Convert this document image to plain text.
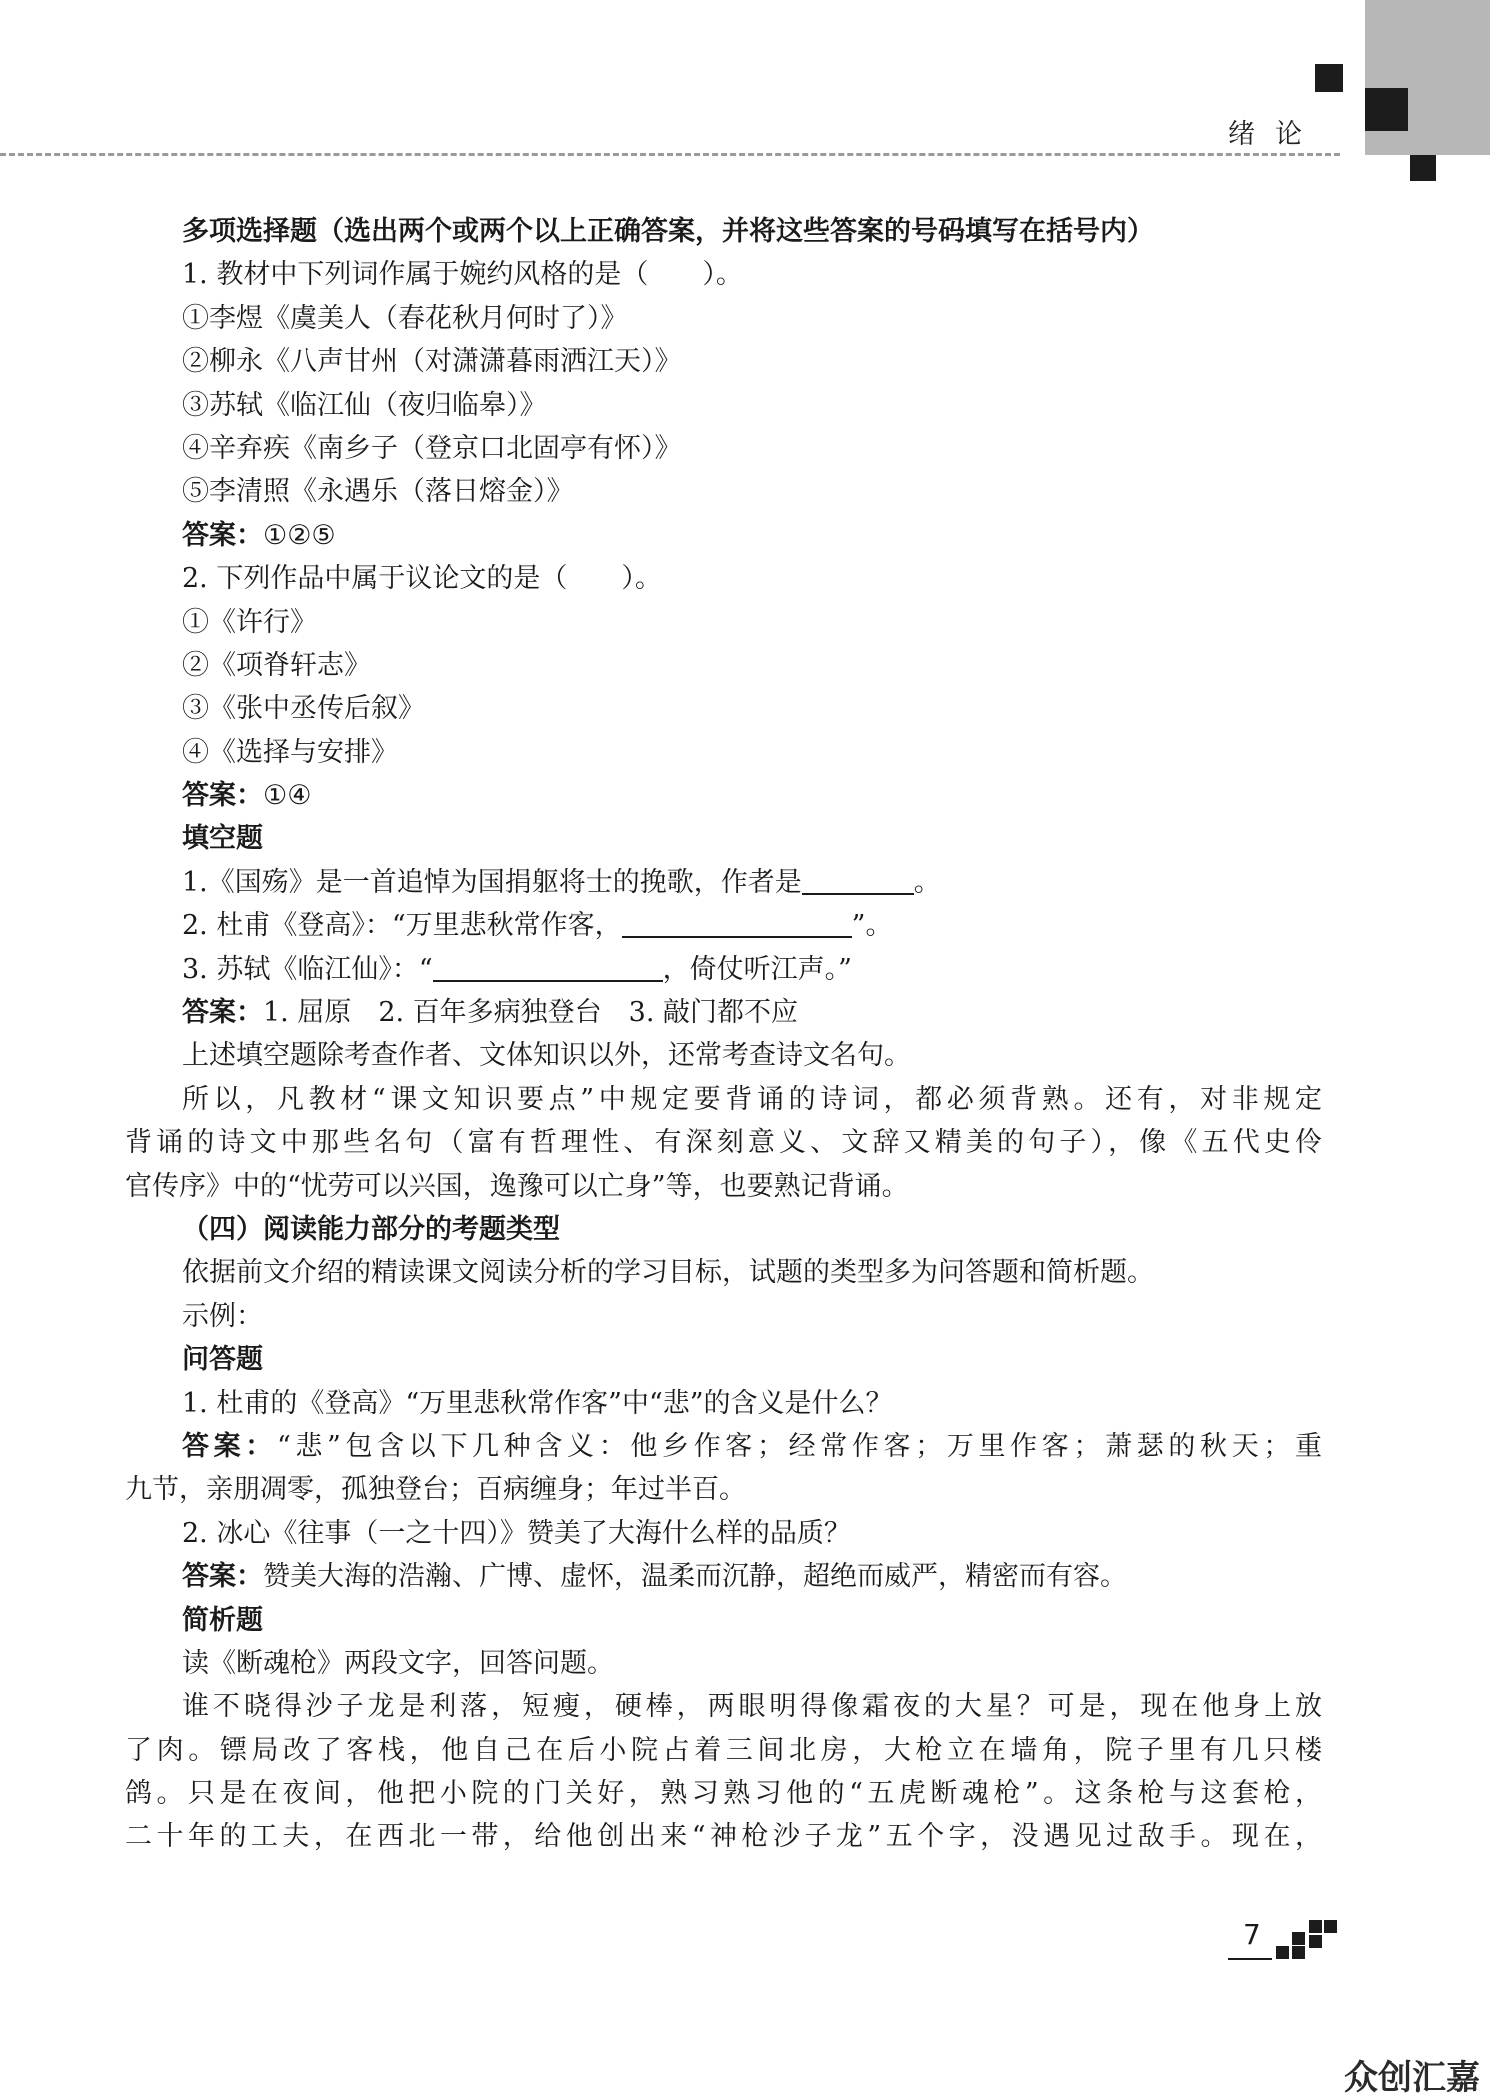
绪论
多项选择题（选出两个或两个以上正确答案，并将这些答案的号码填写在括号内）
1. 教材中下列词作属于婉约风格的是（　　）。
①李煜《虞美人（春花秋月何时了）》
②柳永《八声甘州（对潇潇暮雨洒江天）》
③苏轼《临江仙（夜归临皋）》
④辛弃疾《南乡子（登京口北固亭有怀）》
⑤李清照《永遇乐（落日熔金）》
答案：①②⑤
2. 下列作品中属于议论文的是（　　）。
①《许行》
②《项脊轩志》
③《张中丞传后叙》
④《选择与安排》
答案：①④
填空题
1.《国殇》是一首追悼为国捐躯将士的挽歌，作者是	。
2. 杜甫《登高》：“万里悲秋常作客，	”。
3. 苏轼《临江仙》：“	，倚仗听江声。”
答案：1. 屈原　2. 百年多病独登台　3. 敲门都不应
上述填空题除考查作者、文体知识以外，还常考查诗文名句。
所以，凡教材“课文知识要点”中规定要背诵的诗词，都必须背熟。还有，对非规定
背诵的诗文中那些名句（富有哲理性、有深刻意义、文辞又精美的句子），像《五代史伶
官传序》中的“忧劳可以兴国，逸豫可以亡身”等，也要熟记背诵。
（四）阅读能力部分的考题类型
依据前文介绍的精读课文阅读分析的学习目标，试题的类型多为问答题和简析题。
示例：
问答题
1. 杜甫的《登高》“万里悲秋常作客”中“悲”的含义是什么？
答案：“悲”包含以下几种含义：他乡作客；经常作客；万里作客；萧瑟的秋天；重
九节，亲朋凋零，孤独登台；百病缠身；年过半百。
2. 冰心《往事（一之十四）》赞美了大海什么样的品质？
答案：赞美大海的浩瀚、广博、虚怀，温柔而沉静，超绝而威严，精密而有容。
简析题
读《断魂枪》两段文字，回答问题。
谁不晓得沙子龙是利落，短瘦，硬棒，两眼明得像霜夜的大星？可是，现在他身上放
了肉。镖局改了客栈，他自己在后小院占着三间北房，大枪立在墙角，院子里有几只楼
鸽。只是在夜间，他把小院的门关好，熟习熟习他的“五虎断魂枪”。这条枪与这套枪，
二十年的工夫，在西北一带，给他创出来“神枪沙子龙”五个字，没遇见过敌手。现在，
7
众创汇嘉
